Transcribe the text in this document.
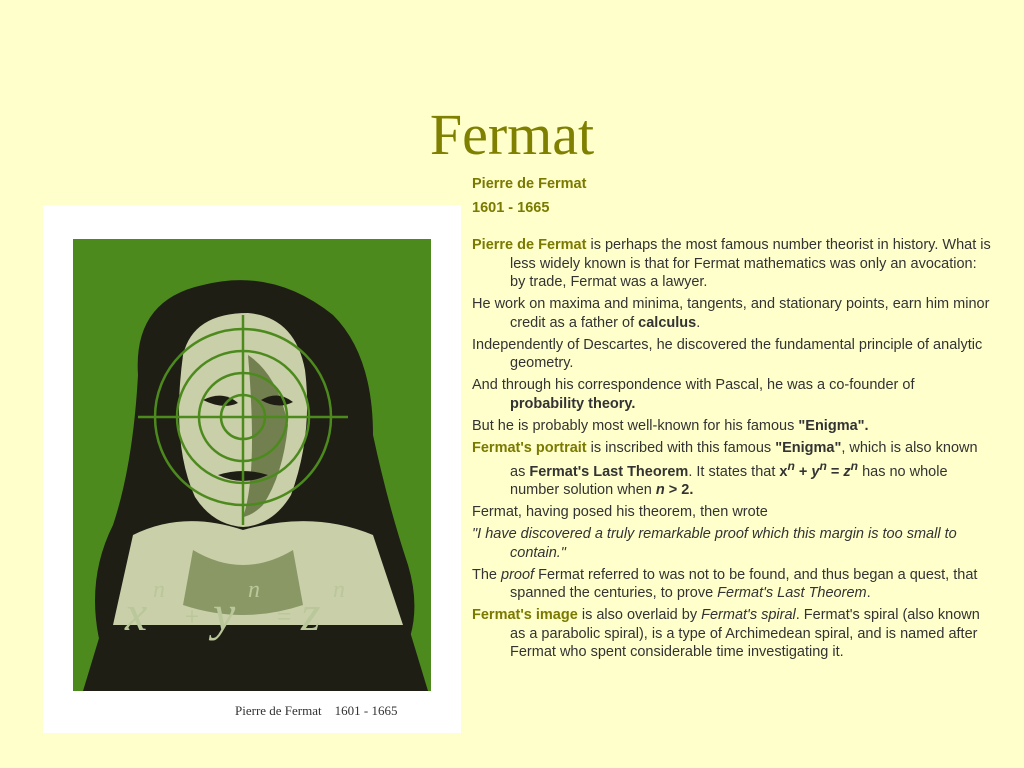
Fermat
x n
+ y n
= z n
Pierre de Fermat    1601 - 1665

Pierre de Fermat

1601 - 1665

Pierre de Fermat is perhaps the most famous number theorist in history. What is less widely known is that for Fermat mathematics was only an avocation: by trade, Fermat was a lawyer.

He work on maxima and minima, tangents, and stationary points, earn him minor credit as a father of calculus.

Independently of Descartes, he discovered the fundamental principle of analytic geometry.

And through his correspondence with Pascal, he was a co-founder of probability theory.

But he is probably most well-known for his famous "Enigma".

Fermat's portrait is inscribed with this famous "Enigma", which is also known as Fermat's Last Theorem. It states that $x^n + y^n = z^n$ has no whole number solution when n > 2.

Fermat, having posed his theorem, then wrote

"I have discovered a truly remarkable proof which this margin is too small to contain."

The proof Fermat referred to was not to be found, and thus began a quest, that spanned the centuries, to prove Fermat's Last Theorem.

Fermat's image is also overlaid by Fermat's spiral. Fermat's spiral (also known as a parabolic spiral), is a type of Archimedean spiral, and is named after Fermat who spent considerable time investigating it.
